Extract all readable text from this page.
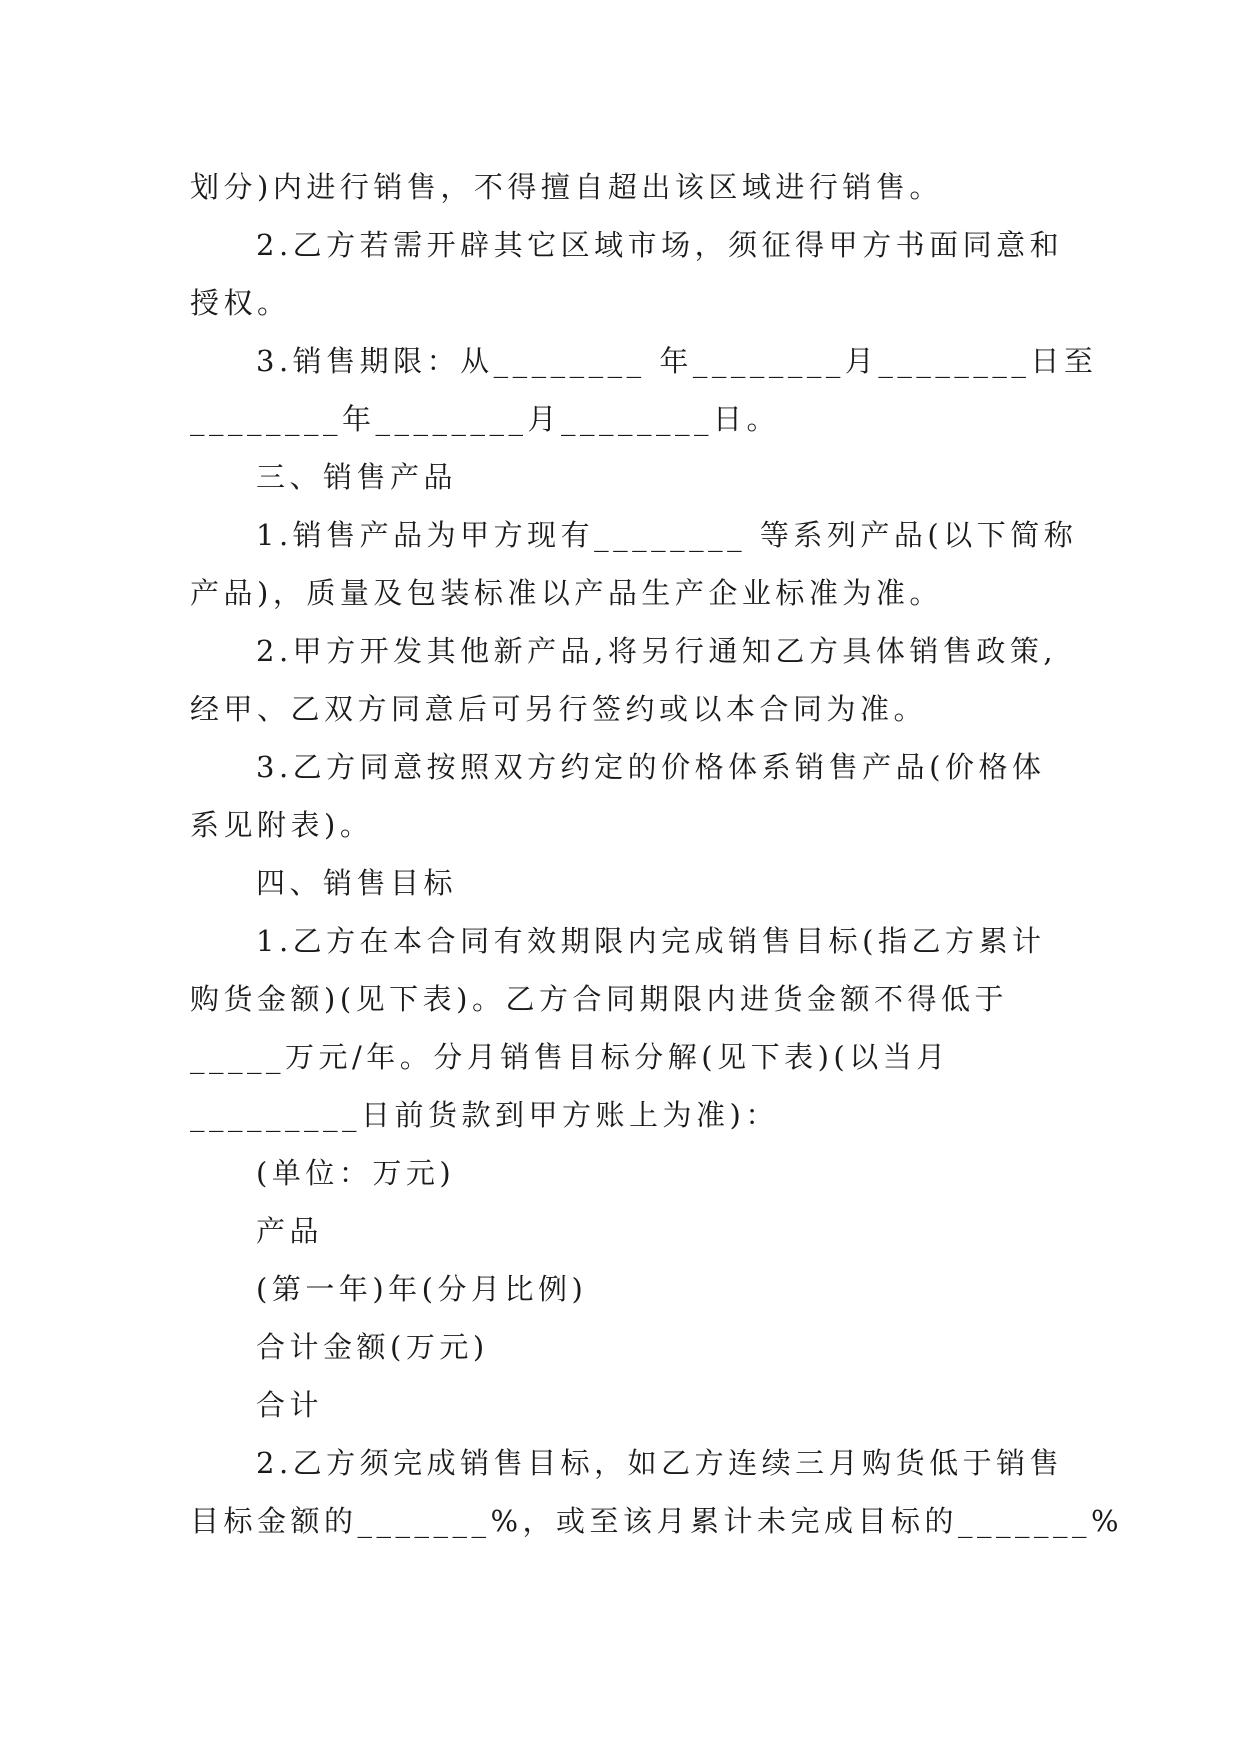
划分)内进行销售，不得擅自超出该区域进行销售。
2.乙方若需开辟其它区域市场，须征得甲方书面同意和
授权。
3.销售期限：从________ 年________月________日至
________年________月________日。
三、销售产品
1.销售产品为甲方现有________ 等系列产品(以下简称
产品)，质量及包装标准以产品生产企业标准为准。
2.甲方开发其他新产品,将另行通知乙方具体销售政策,
经甲、乙双方同意后可另行签约或以本合同为准。
3.乙方同意按照双方约定的价格体系销售产品(价格体
系见附表)。
四、销售目标
1.乙方在本合同有效期限内完成销售目标(指乙方累计
购货金额)(见下表)。乙方合同期限内进货金额不得低于
_____万元/年。分月销售目标分解(见下表)(以当月
_________日前货款到甲方账上为准)：
(单位：万元)
产品
(第一年)年(分月比例)
合计金额(万元)
合计
2.乙方须完成销售目标，如乙方连续三月购货低于销售
目标金额的_______%，或至该月累计未完成目标的_______%
